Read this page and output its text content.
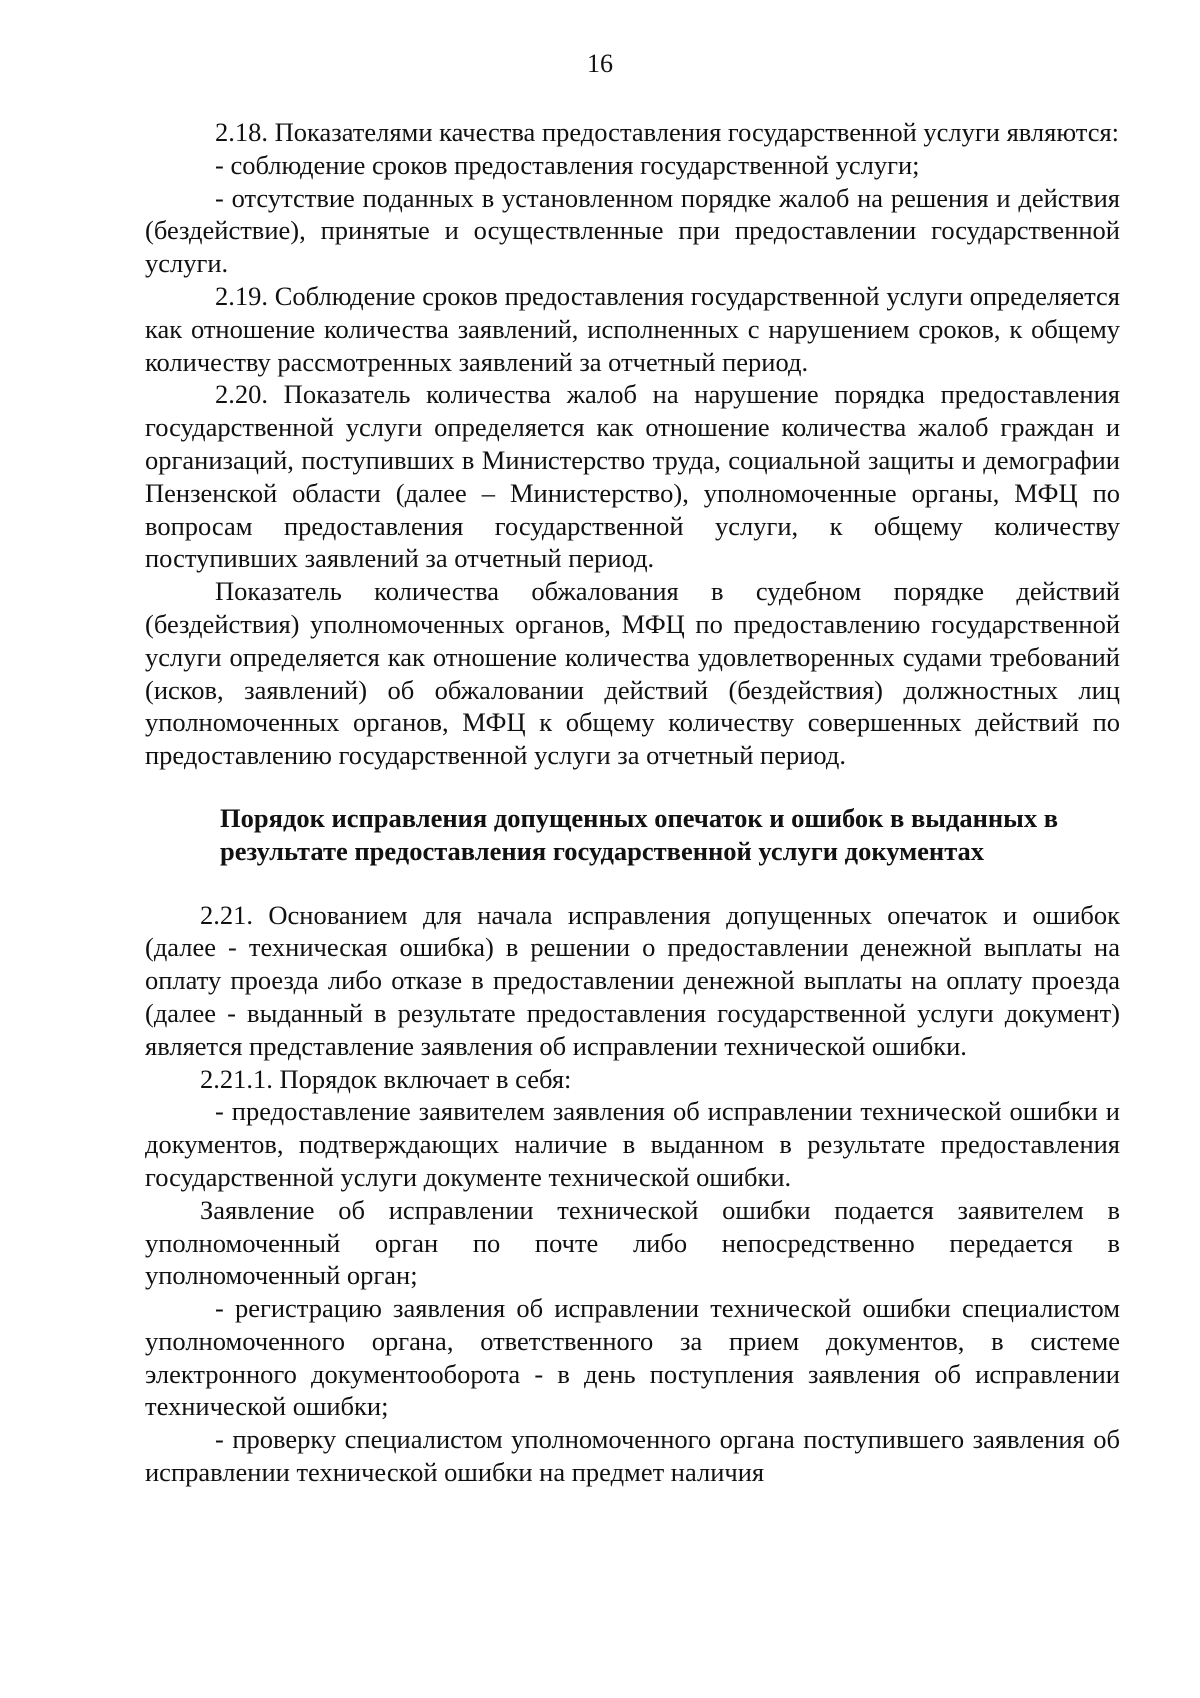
16

2.18. Показателями качества предоставления государственной услуги являются:

- соблюдение сроков предоставления государственной услуги;

- отсутствие поданных в установленном порядке жалоб на решения и действия (бездействие), принятые и осуществленные при предоставлении государственной услуги.

2.19. Соблюдение сроков предоставления государственной услуги определяется как отношение количества заявлений, исполненных с нарушением сроков, к общему количеству рассмотренных заявлений за отчетный период.

2.20. Показатель количества жалоб на нарушение порядка предоставления государственной услуги определяется как отношение количества жалоб граждан и организаций, поступивших в Министерство труда, социальной защиты и демографии Пензенской области (далее – Министерство), уполномоченные органы, МФЦ по вопросам предоставления государственной услуги, к общему количеству поступивших заявлений за отчетный период.

Показатель количества обжалования в судебном порядке действий (бездействия) уполномоченных органов, МФЦ по предоставлению государственной услуги определяется как отношение количества удовлетворенных судами требований (исков, заявлений) об обжаловании действий (бездействия) должностных лиц уполномоченных органов, МФЦ к общему количеству совершенных действий по предоставлению государственной услуги за отчетный период.

Порядок исправления допущенных опечаток и ошибок в выданных в
результате предоставления государственной услуги документах

2.21. Основанием для начала исправления допущенных опечаток и ошибок (далее - техническая ошибка) в решении о предоставлении денежной выплаты на оплату проезда либо отказе в предоставлении денежной выплаты на оплату проезда (далее - выданный в результате предоставления государственной услуги документ) является представление заявления об исправлении технической ошибки.

2.21.1. Порядок включает в себя:

- предоставление заявителем заявления об исправлении технической ошибки и документов, подтверждающих наличие в выданном в результате предоставления государственной услуги документе технической ошибки.

Заявление об исправлении технической ошибки подается заявителем в уполномоченный орган по почте либо непосредственно передается в уполномоченный орган;

- регистрацию заявления об исправлении технической ошибки специалистом уполномоченного органа, ответственного за прием документов, в системе электронного документооборота - в день поступления заявления об исправлении технической ошибки;

- проверку специалистом уполномоченного органа поступившего заявления об исправлении технической ошибки на предмет наличия
